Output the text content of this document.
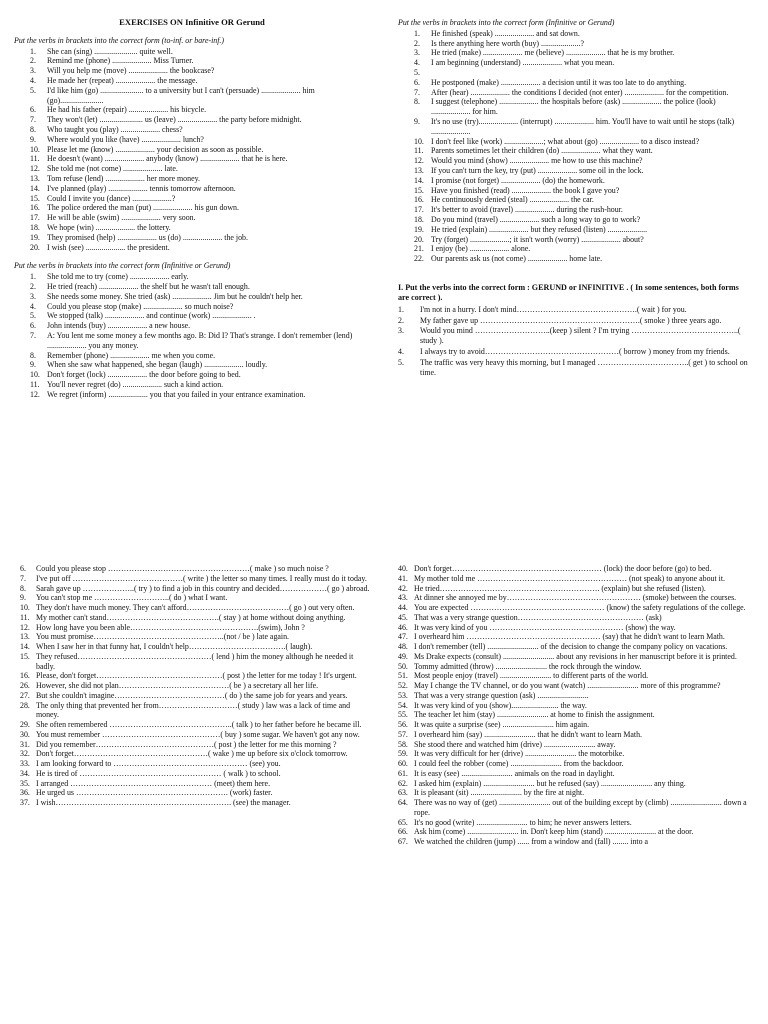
EXERCISES ON Infinitive OR Gerund
Put the verbs in brackets into the correct form (to-inf. or bare-inf.)
1. She can (sing) ...................... quite well.
2. Remind me (phone) .................... Miss Turner.
3. Will you help me (move) .................... the bookcase?
4. He made her (repeat) .................... the message.
5. I'd like him (go) ...................... to a university but I can't (persuade) .................... him (go)......................
6. He had his father (repair) .................... his bicycle.
7. They won't (let) ...................... us (leave) .................... the party before midnight.
8. Who taught you (play) .................... chess?
9. Where would you like (have) .................... lunch?
10. Please let me (know) .................... your decision as soon as possible.
11. He doesn't (want) .................... anybody (know) .................... that he is here.
12. She told me (not come) .................... late.
13. Tom refuse (lend) .................... her more money.
14. I've planned (play) .................... tennis tomorrow afternoon.
15. Could I invite you (dance) ....................?
16. The police ordered the man (put) .................... his gun down.
17. He will be able (swim) .................... very soon.
18. We hope (win) .................... the lottery.
19. They promised (help) .................... us (do) .................... the job.
20. I wish (see) .................... the president.
Put the verbs in brackets into the correct form (Infinitive or Gerund)
1. She told me to try (come) .................... early.
2. He tried (reach) .................... the shelf but he wasn't tall enough.
3. She needs some money. She tried (ask) .................... Jim but he couldn't help her.
4. Could you please stop (make) .................... so much noise?
5. We stopped (talk) .................... and continue (work) .................... .
6. John intends (buy) .................... a new house.
7. A: You lent me some money a few months ago. B: Did I? That's strange. I don't remember (lend) .................... you any money.
8. Remember (phone) .................... me when you come.
9. When she saw what happened, she began (laugh) .................... loudly.
10. Don't forget (lock) .................... the door before going to bed.
11. You'll never regret (do) .................... such a kind action.
12. We regret (inform) .................... you that you failed in your entrance examination.
Put the verbs in brackets into the correct form (Infinitive or Gerund)
1. He finished (speak) .................... and sat down.
2. Is there anything here worth (buy) ....................?
3. He tried (make) .................... me (believe) .................... that he is my brother.
4. I am beginning (understand) .................... what you mean.
5.
6. He postponed (make) .................... a decision until it was too late to do anything.
7. After (hear) .................... the conditions I decided (not enter) .................... for the competition.
8. I suggest (telephone) .................... the hospitals before (ask) .................... the police (look) .................... for him.
9. It's no use (try).................... (interrupt) .................... him. You'll have to wait until he stops (talk) ....................
10. I don't feel like (work) ....................; what about (go) .................... to a disco instead?
11. Parents sometimes let their children (do) .................... what they want.
12. Would you mind (show) .................... me how to use this machine?
13. If you can't turn the key, try (put) .................... some oil in the lock.
14. I promise (not forget) .................... (do) the homework.
15. Have you finished (read) .................... the book I gave you?
16. He continuously denied (steal) .................... the car.
17. It's better to avoid (travel) .................... during the rush-hour.
18. Do you mind (travel) .................... such a long way to go to work?
19. He tried (explain) .................... but they refused (listen) ....................
20. Try (forget) ....................; it isn't worth (worry) .................... about?
21. I enjoy (be) .................... alone.
22. Our parents ask us (not come) .................... home late.
I. Put the verbs into the correct form : GERUND or INFINITIVE . ( In some sentences, both forms are correct ).
1. I'm not in a hurry. I don't mind……………………………………….( wait ) for you.
2. My father gave up …………………………………………………….( smoke ) three years ago.
3. Would you mind ………………………..(keep ) silent ? I'm trying …………………………………..( study ).
4. I always try to avoid……………………………………………( borrow ) money from my friends.
5. The traffic was very heavy this morning, but I managed ……………………………..( get ) to school on time.
6. Could you please stop ………………………………………………( make ) so much noise ?
7. I've put off ……………………………………( write ) the letter so many times. I really must do it today.
8. Sarah gave up ………………..( try ) to find a job in this country and decided………………( go ) abroad.
9. You can't stop me ………………………..( do ) what I want.
10. They don't have much money. They can't afford…………………………………( go ) out very often.
11. My mother can't stand…………………………………….( stay ) at home without doing anything.
12. How long have you been able………………………………………….(swim), John ?
13. You must promise…………………………………………..(not / be ) late again.
14. When I saw her in that funny hat, I couldn't help……………………………….( laugh).
15. They refused……………………………………………( lend ) him the money although he needed it badly.
16. Please, don't forget…………………………………………( post ) the letter for me today ! It's urgent.
26. However, she did not plan……………………………………( be ) a secretary all her life.
27. But she couldn't imagine……………………………………( do ) the same job for years and years.
28. The only thing that prevented her from…………………………( study ) law was a lack of time and money.
29. She often remembered ………………………………………..( talk ) to her father before he became ill.
30. You must remember ………………………………………( buy ) some sugar. We haven't got any now.
31. Did you remember………………………………………( post ) the letter for me this morning ?
32. Don't forget……………………………………………( wake ) me up before six o'clock tomorrow.
33. I am looking forward to …………………………………………… (see) you.
34. He is tired of ……………………………………………… ( walk ) to school.
35. I arranged ……………………………………………… (meet) them here.
36. He urged us …………………………………………………. (work) faster.
37. I wish…………………………………………………………. (see) the manager.
40. Don't forget………………………………………………… (lock) the door before (go) to bed.
41. My mother told me ………………………………………………… (not speak) to anyone about it.
42. He tried……………………………………………………. (explain) but she refused (listen).
43. At dinner she annoyed me by…………………………………………… (smoke) between the courses.
44. You are expected …………………………………………… (know) the safety regulations of the college.
45. That was a very strange question………………………………………… (ask)
46. It was very kind of you …………………………………………… (show) the way.
47. I overheard him …………………………………………… (say) that he didn't want to learn Math.
48. I don't remember (tell) .......................... of the decision to change the company policy on vacations.
49. Ms Drake expects (consult) .......................... about any revisions in her manuscript before it is printed.
50. Tommy admitted (throw) .......................... the rock through the window.
51. Most people enjoy (travel) .......................... to different parts of the world.
52. May I change the TV channel, or do you want (watch) .......................... more of this programme?
53. That was a very strange question (ask) ..........................
54. It was very kind of you (show)........................ the way.
55. The teacher let him (stay) .......................... at home to finish the assignment.
56. It was quite a surprise (see) .......................... him again.
57. I overheard him (say) .......................... that he didn't want to learn Math.
58. She stood there and watched him (drive) .......................... away.
59. It was very difficult for her (drive) .......................... the motorbike.
60. I could feel the robber (come) .......................... from the backdoor.
61. It is easy (see) .......................... animals on the road in daylight.
62. I asked him (explain) .......................... but he refused (say) .......................... any thing.
63. It is pleasant (sit) .......................... by the fire at night.
64. There was no way of (get) .......................... out of the building except by (climb) .......................... down a rope.
65. It's no good (write) .......................... to him; he never answers letters.
66. Ask him (come) .......................... in. Don't keep him (stand) .......................... at the door.
67. We watched the children (jump) ...... from a window and (fall) ........ into a
